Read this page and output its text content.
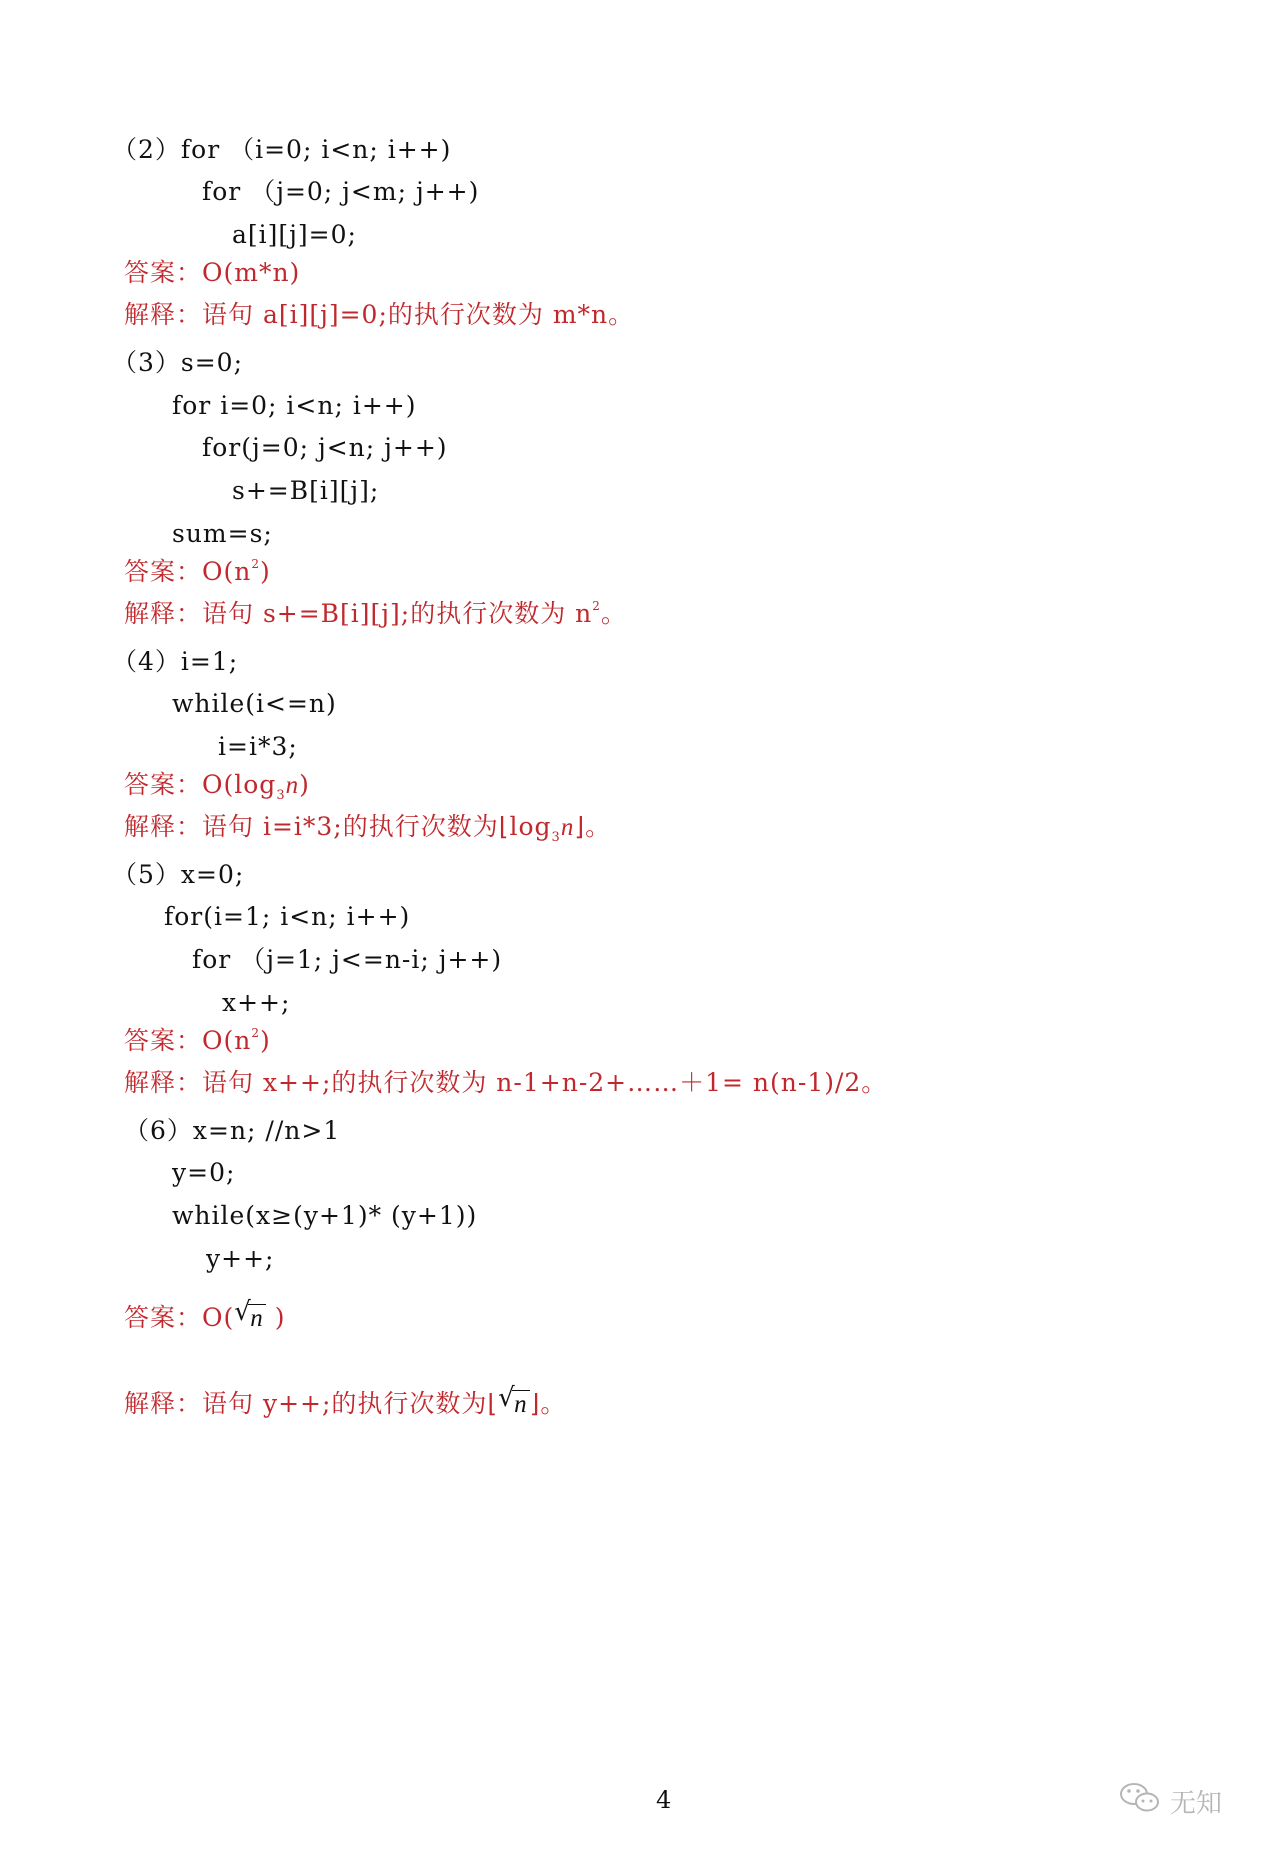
（2）for （i=0; i<n; i++)
for （j=0; j<m; j++)
a[i][j]=0;
答案：O(m*n)
解释：语句 a[i][j]=0;的执行次数为 m*n。
（3）s=0;
for i=0; i<n; i++)
for(j=0; j<n; j++)
s+=B[i][j];
sum=s;
答案：$O(n^2)$
解释：语句 s+=B[i][j];的执行次数为 $n^2$。
（4）i=1;
while(i<=n)
i=i*3;
答案：$O(\log_3n)$
解释：语句 i=i*3;的执行次数为$⌊\log_3n⌋$。
（5）x=0;
for(i=1; i<n; i++)
for （j=1; j<=n-i; j++)
x++;
答案：$O(n^2)$
解释：语句 x++;的执行次数为 n-1+n-2+……＋1= n(n-1)/2。
（6）x=n; //n>1
y=0;
while(x≥(y+1)* (y+1))
y++;
答案：O( √
n )
解释：语句 y++;的执行次数为⌊ √
n⌋。
4	无知
